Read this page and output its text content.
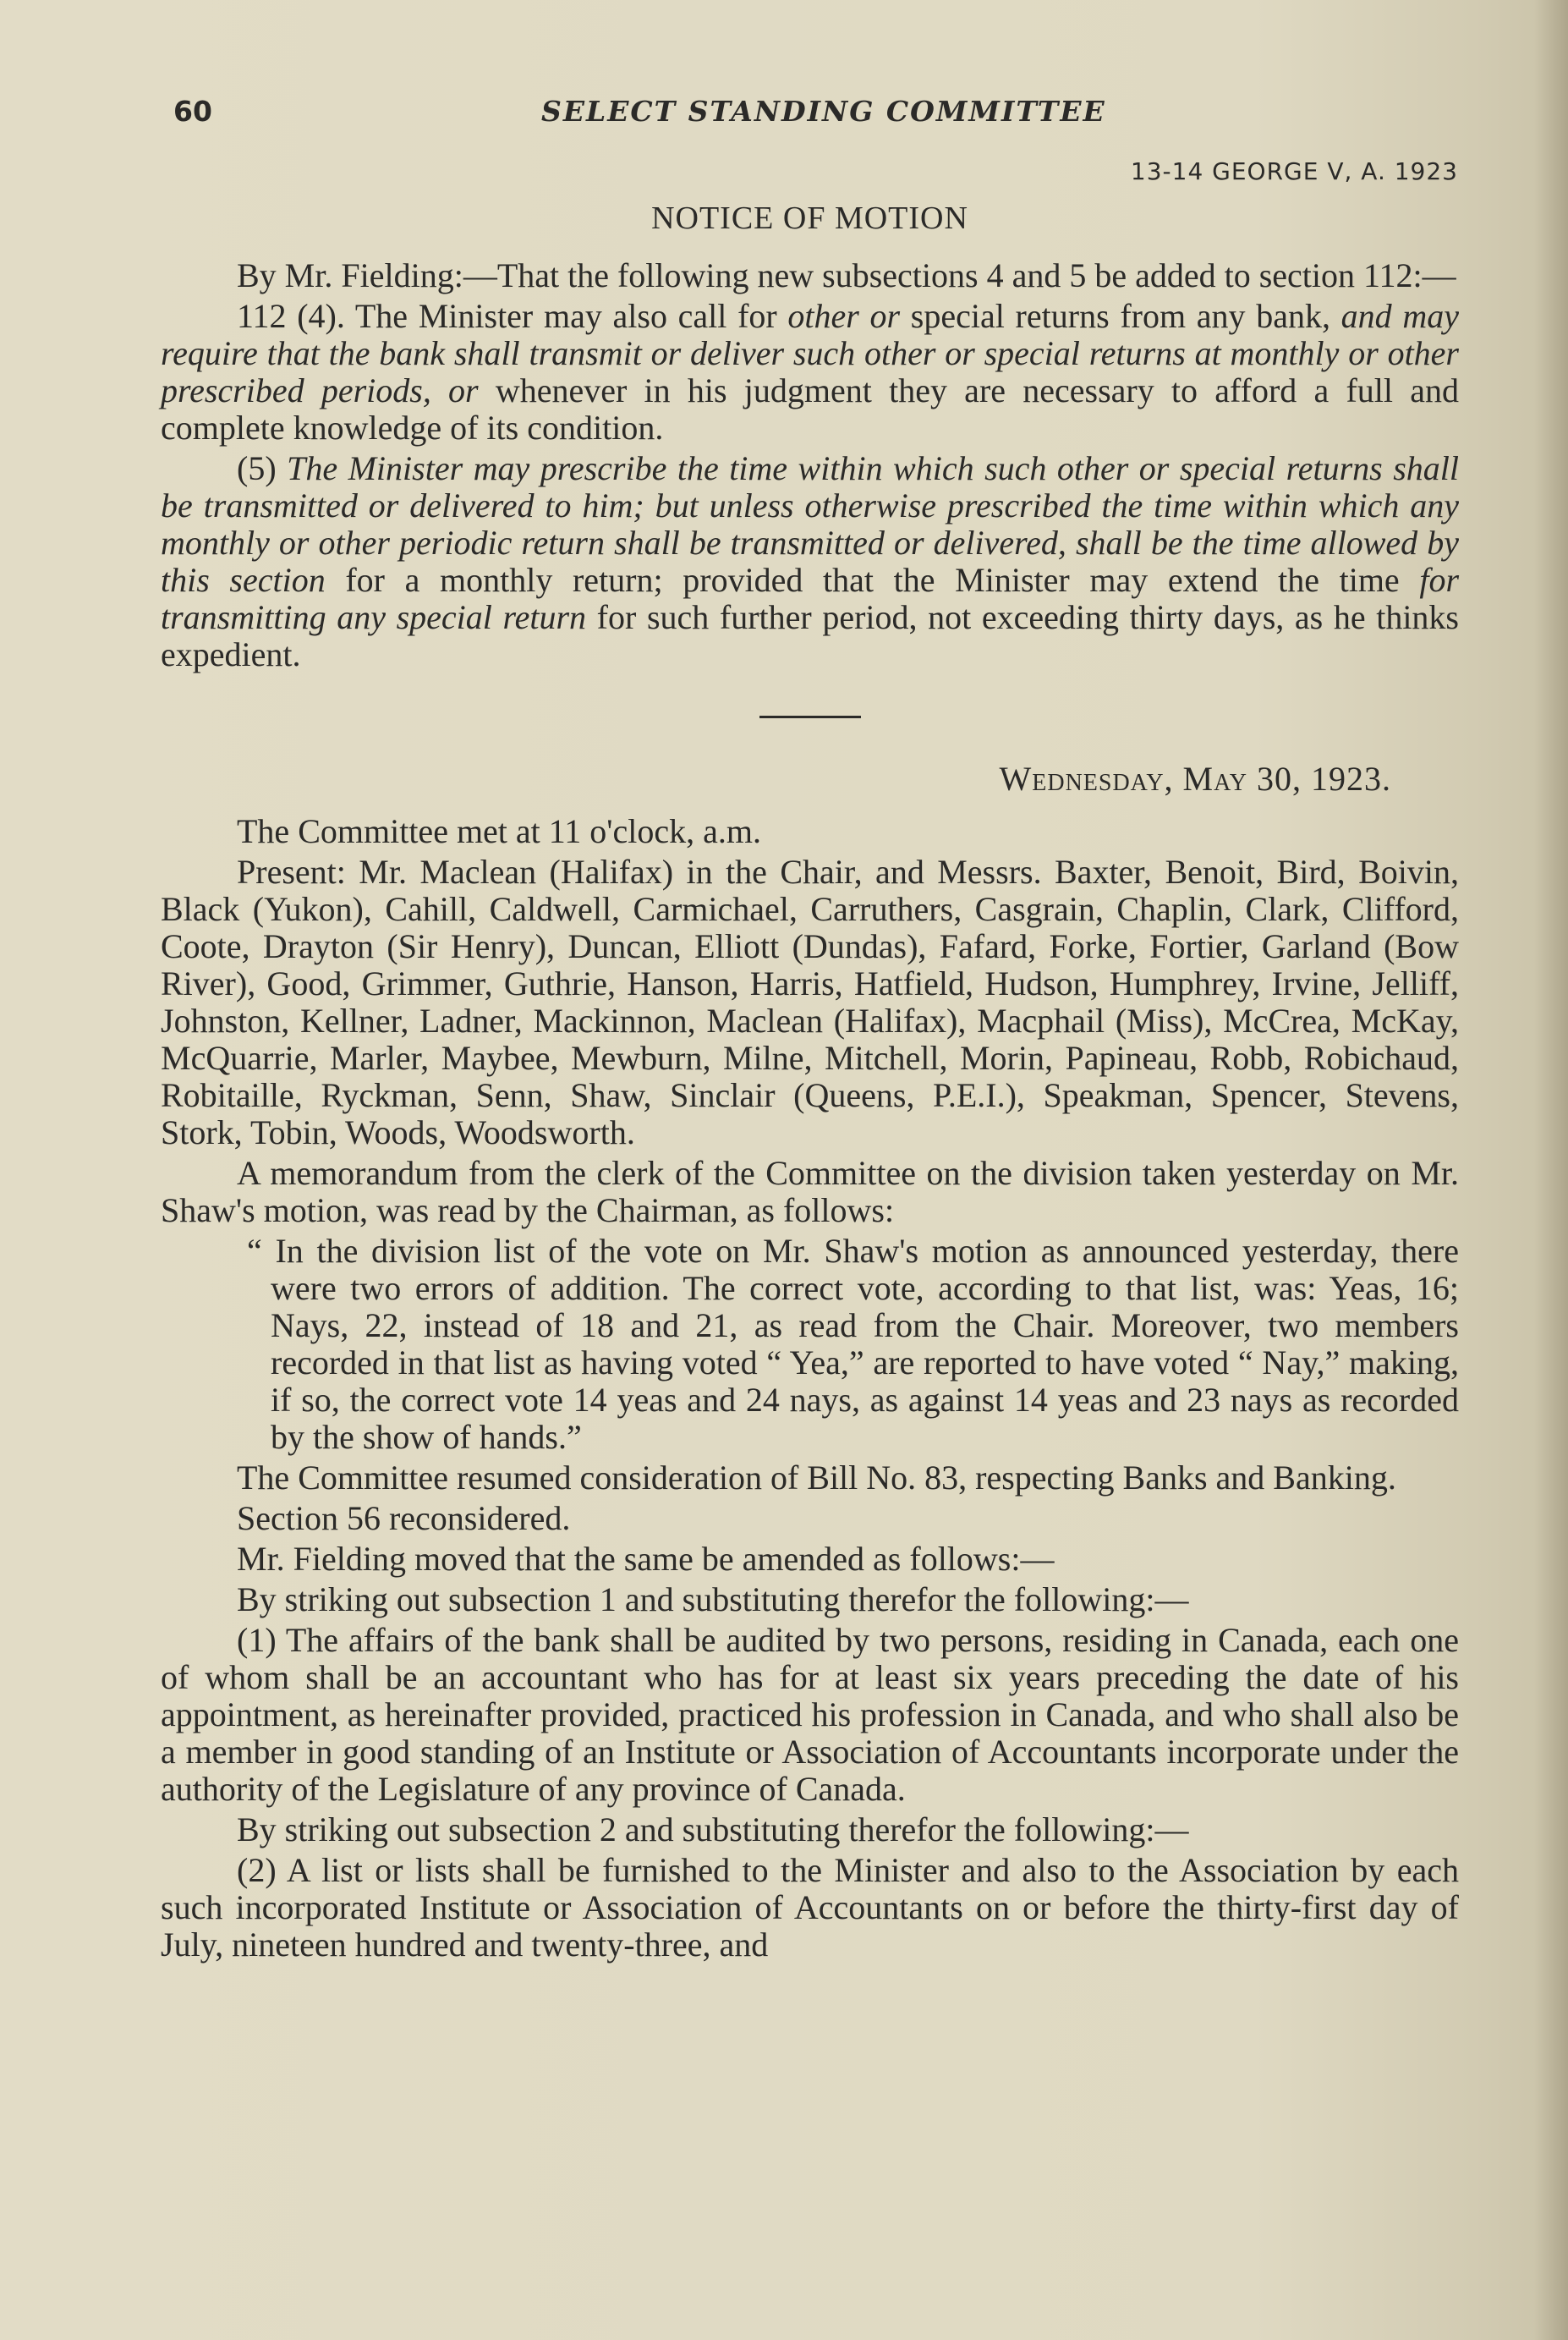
60	SELECT STANDING COMMITTEE
13-14 GEORGE V, A. 1923
NOTICE OF MOTION

By Mr. Fielding:—That the following new subsections 4 and 5 be added to section 112:—

112 (4). The Minister may also call for other or special returns from any bank, and may require that the bank shall transmit or deliver such other or special returns at monthly or other prescribed periods, or whenever in his judgment they are necessary to afford a full and complete knowledge of its condition.

(5) The Minister may prescribe the time within which such other or special returns shall be transmitted or delivered to him; but unless otherwise prescribed the time within which any monthly or other periodic return shall be transmitted or delivered, shall be the time allowed by this section for a monthly return; provided that the Minister may extend the time for transmitting any special return for such further period, not exceeding thirty days, as he thinks expedient.

Wednesday, May 30, 1923.

The Committee met at 11 o'clock, a.m.

Present: Mr. Maclean (Halifax) in the Chair, and Messrs. Baxter, Benoit, Bird, Boivin, Black (Yukon), Cahill, Caldwell, Carmichael, Carruthers, Casgrain, Chaplin, Clark, Clifford, Coote, Drayton (Sir Henry), Duncan, Elliott (Dundas), Fafard, Forke, Fortier, Garland (Bow River), Good, Grimmer, Guthrie, Hanson, Harris, Hatfield, Hudson, Humphrey, Irvine, Jelliff, Johnston, Kellner, Ladner, Mackinnon, Maclean (Halifax), Macphail (Miss), McCrea, McKay, McQuarrie, Marler, Maybee, Mewburn, Milne, Mitchell, Morin, Papineau, Robb, Robichaud, Robitaille, Ryckman, Senn, Shaw, Sinclair (Queens, P.E.I.), Speakman, Spencer, Stevens, Stork, Tobin, Woods, Woodsworth.

A memorandum from the clerk of the Committee on the division taken yesterday on Mr. Shaw's motion, was read by the Chairman, as follows:

“ In the division list of the vote on Mr. Shaw's motion as announced yesterday, there were two errors of addition. The correct vote, according to that list, was: Yeas, 16; Nays, 22, instead of 18 and 21, as read from the Chair. Moreover, two members recorded in that list as having voted “ Yea,” are reported to have voted “ Nay,” making, if so, the correct vote 14 yeas and 24 nays, as against 14 yeas and 23 nays as recorded by the show of hands.”

The Committee resumed consideration of Bill No. 83, respecting Banks and Banking.

Section 56 reconsidered.

Mr. Fielding moved that the same be amended as follows:—

By striking out subsection 1 and substituting therefor the following:—

(1) The affairs of the bank shall be audited by two persons, residing in Canada, each one of whom shall be an accountant who has for at least six years preceding the date of his appointment, as hereinafter provided, practiced his profession in Canada, and who shall also be a member in good standing of an Institute or Association of Accountants incorporate under the authority of the Legislature of any province of Canada.

By striking out subsection 2 and substituting therefor the following:—

(2) A list or lists shall be furnished to the Minister and also to the Association by each such incorporated Institute or Association of Accountants on or before the thirty-first day of July, nineteen hundred and twenty-three, and
